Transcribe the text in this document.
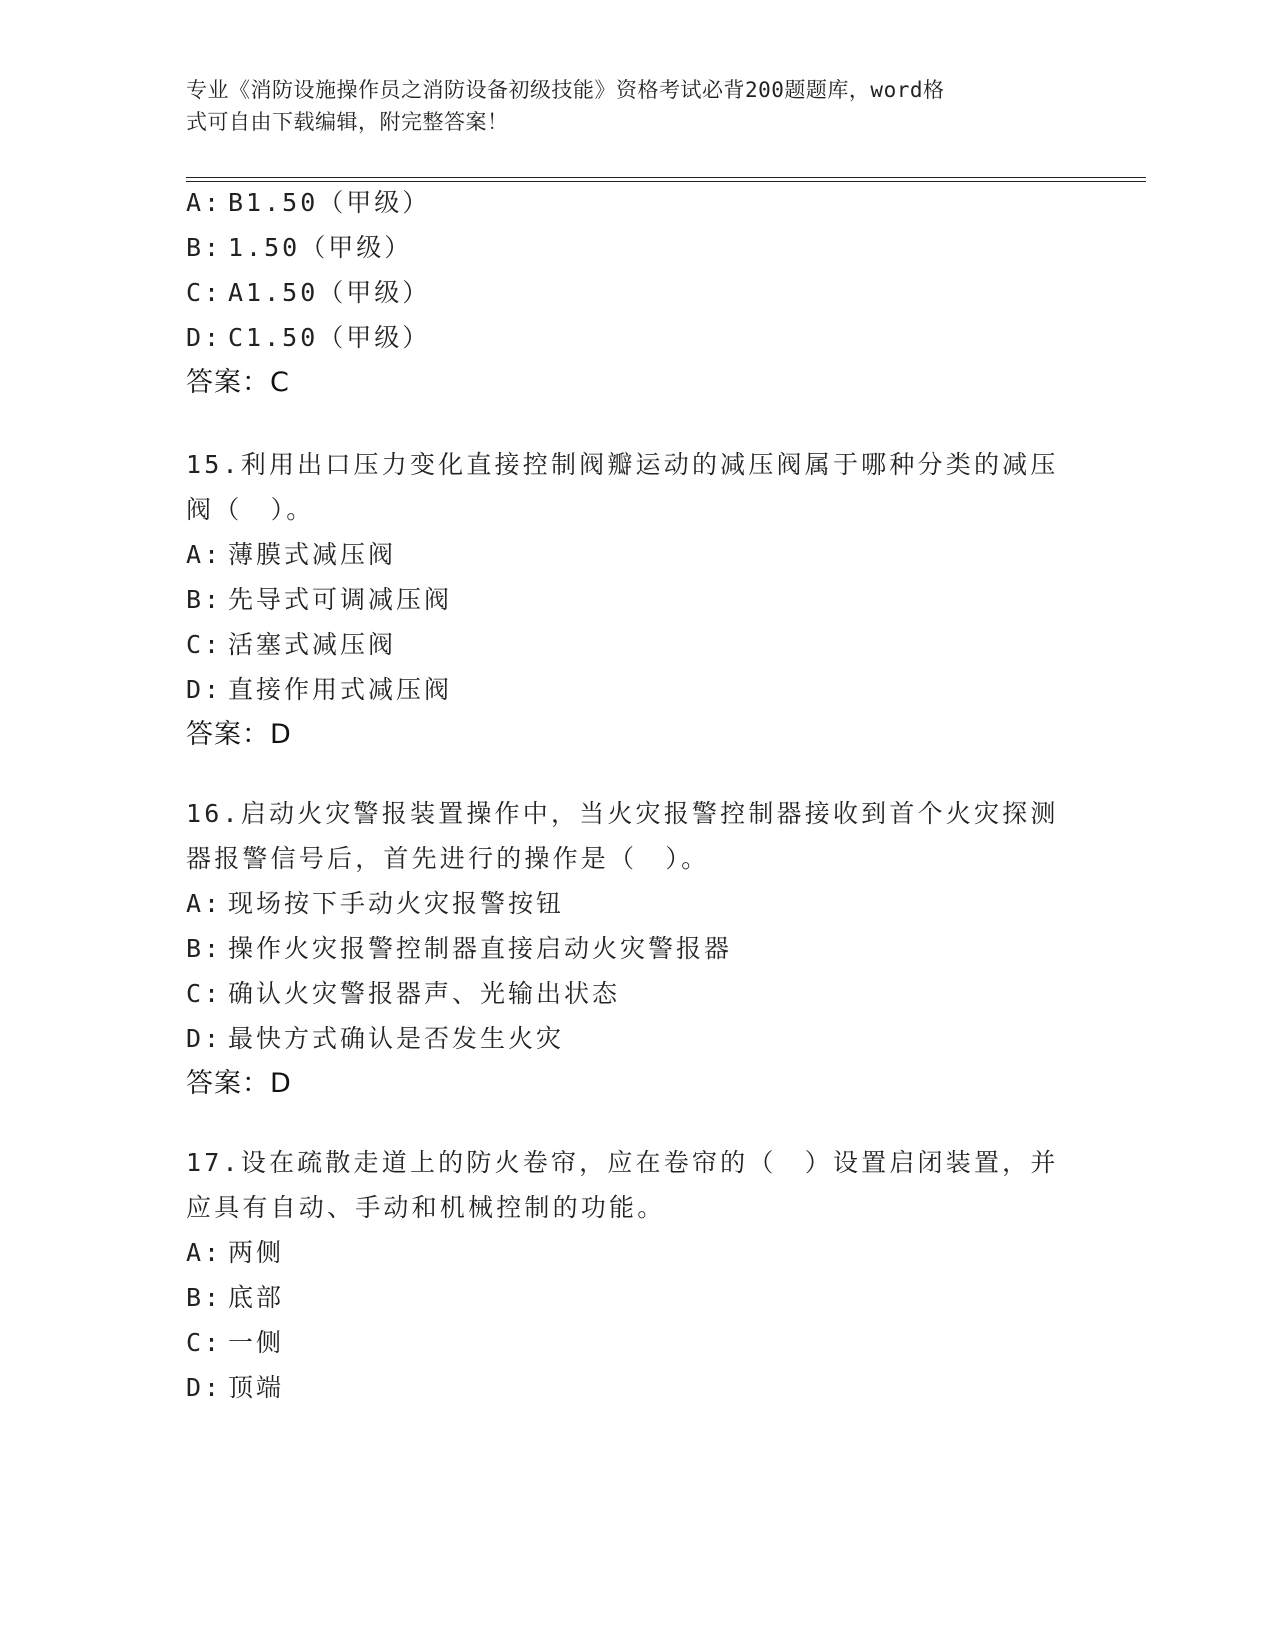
专业《消防设施操作员之消防设备初级技能》资格考试必背200题题库，word格
式可自由下载编辑，附完整答案！

A: B1.50（甲级）

B: 1.50（甲级）

C: A1.50（甲级）

D: C1.50（甲级）

答案：C

15.利用出口压力变化直接控制阀瓣运动的减压阀属于哪种分类的减压

阀（　）。

A: 薄膜式减压阀

B: 先导式可调减压阀

C: 活塞式减压阀

D: 直接作用式减压阀

答案：D

16.启动火灾警报装置操作中，当火灾报警控制器接收到首个火灾探测

器报警信号后，首先进行的操作是（　）。

A: 现场按下手动火灾报警按钮

B: 操作火灾报警控制器直接启动火灾警报器

C: 确认火灾警报器声、光输出状态

D: 最快方式确认是否发生火灾

答案：D

17.设在疏散走道上的防火卷帘，应在卷帘的（　）设置启闭装置，并

应具有自动、手动和机械控制的功能。

A: 两侧

B: 底部

C: 一侧

D: 顶端
